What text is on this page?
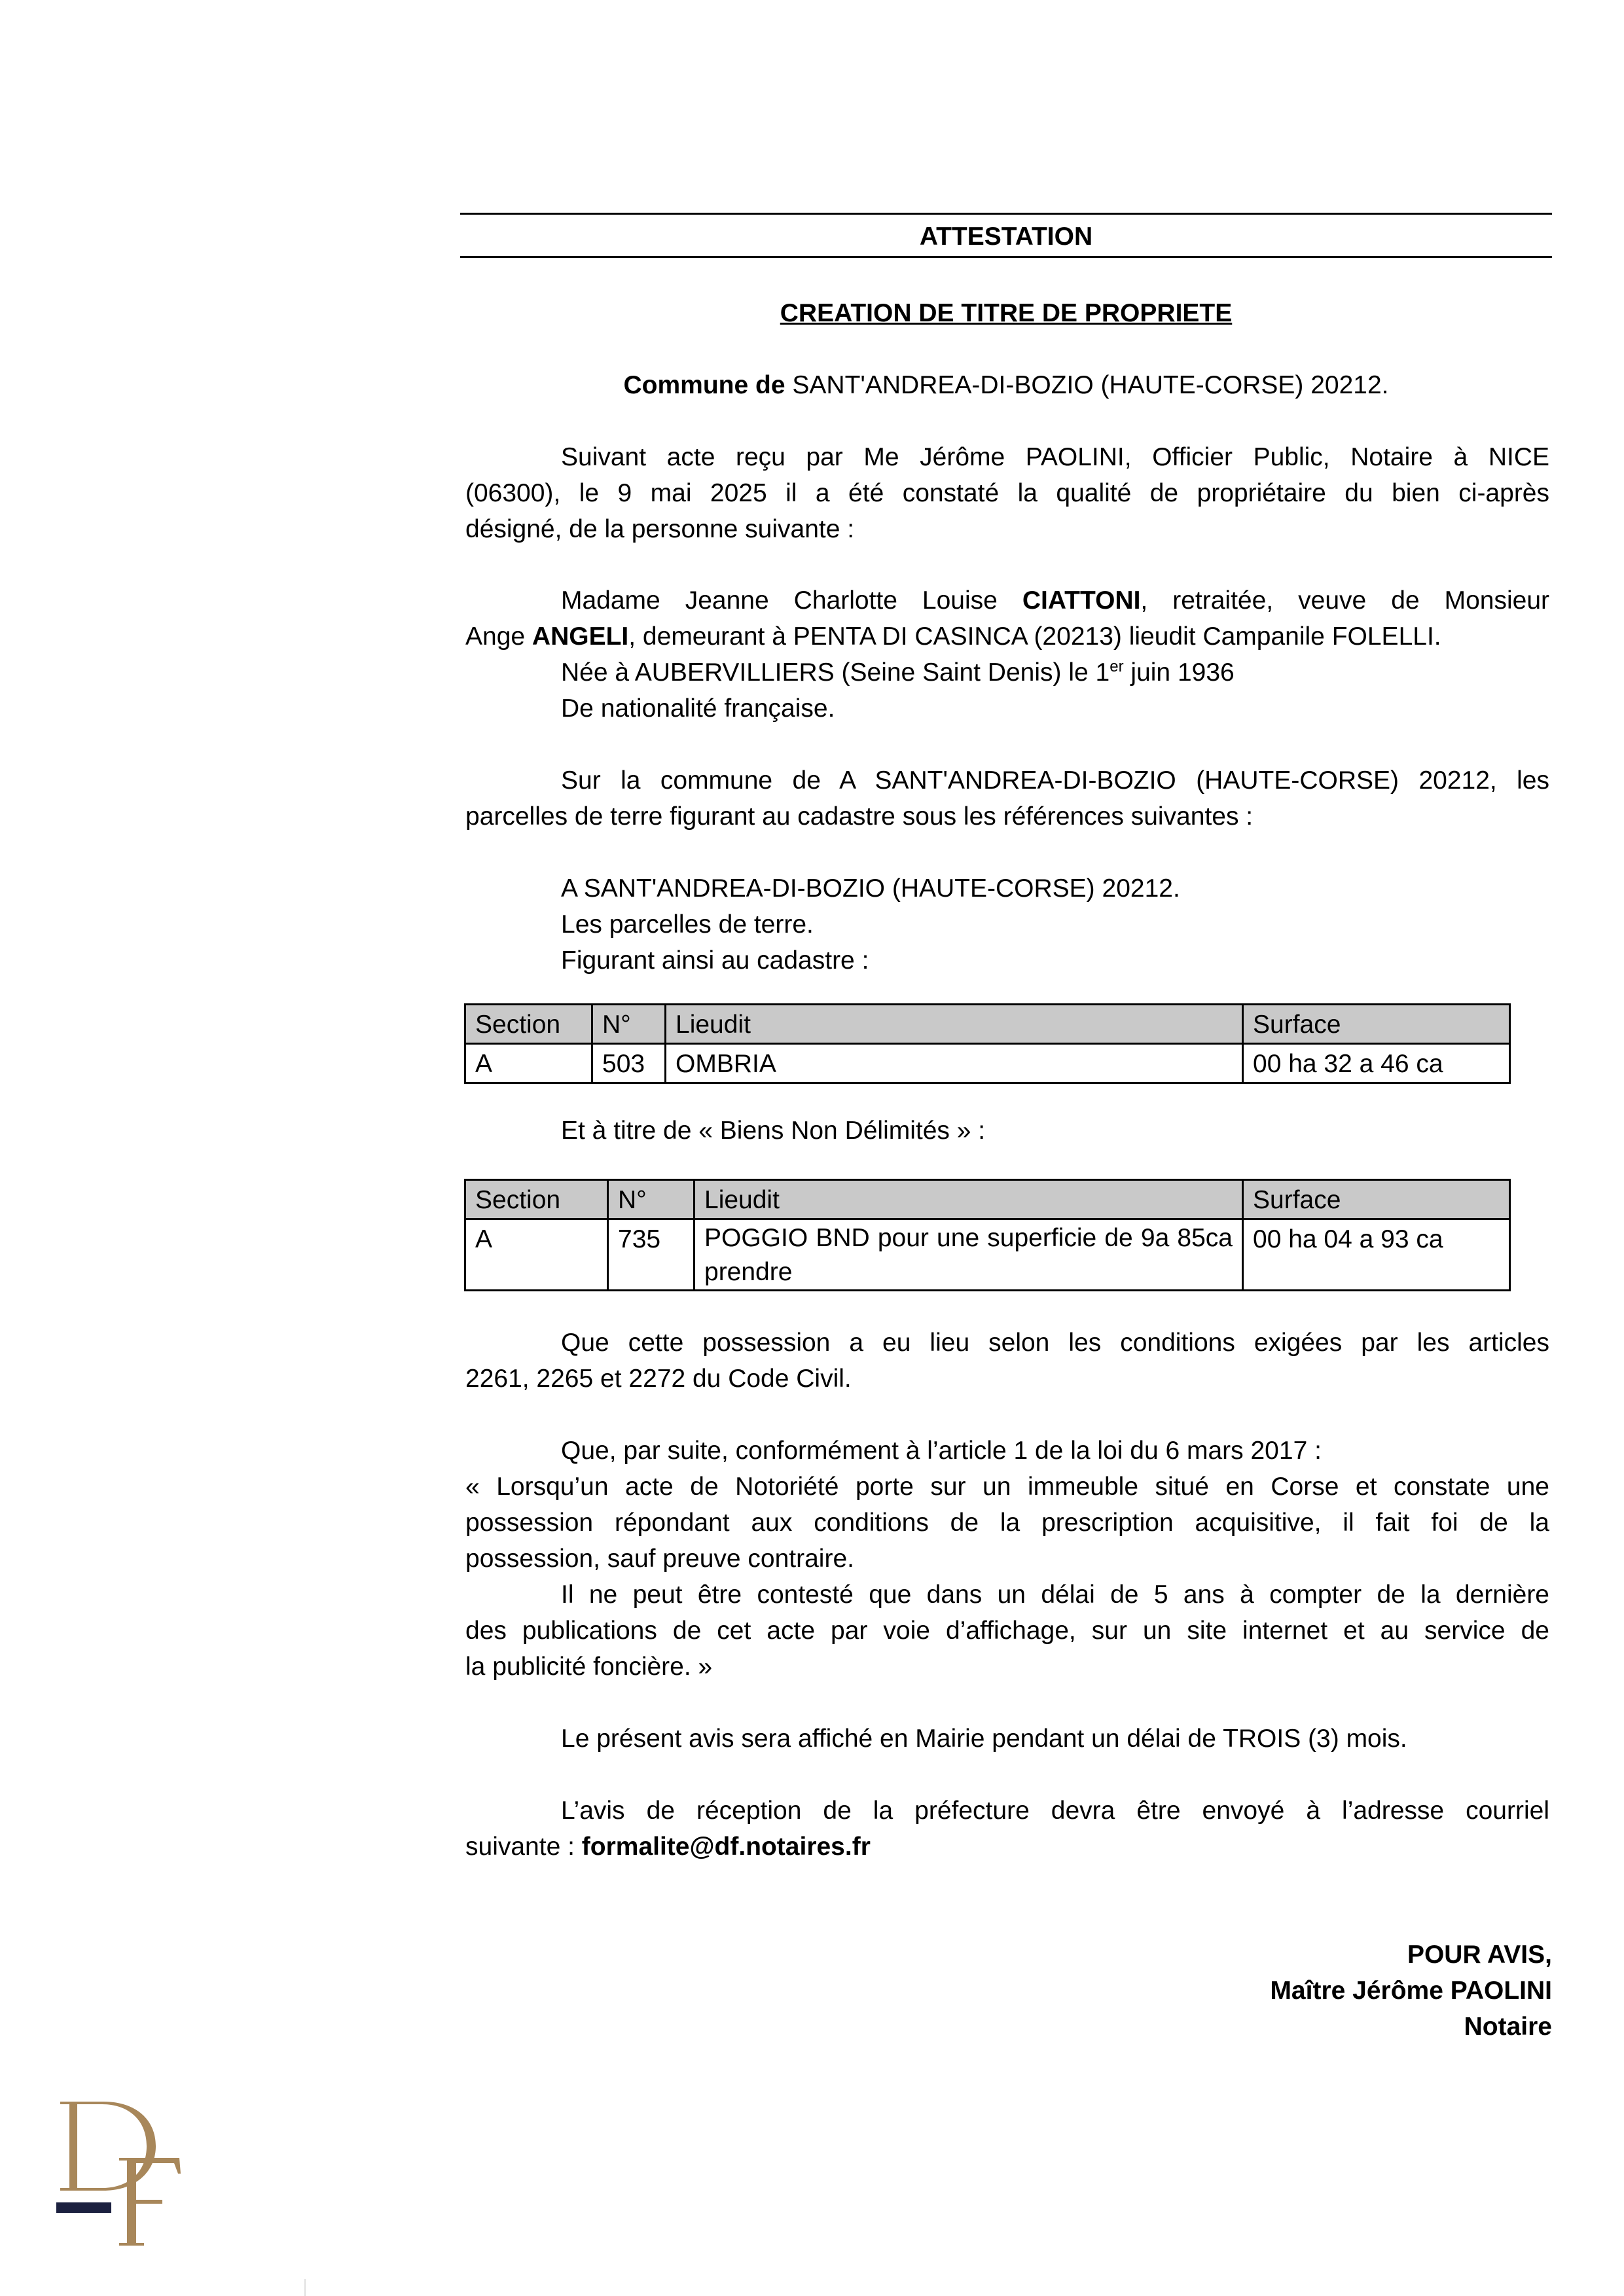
ATTESTATION
CREATION DE TITRE DE PROPRIETE
Commune de SANT'ANDREA-DI-BOZIO (HAUTE-CORSE) 20212.

Suivant acte reçu par Me Jérôme PAOLINI, Officier Public, Notaire à NICE

(06300), le 9 mai 2025 il a été constaté la qualité de propriétaire du bien ci-après

désigné, de la personne suivante :

Madame Jeanne Charlotte Louise CIATTONI, retraitée, veuve de Monsieur

Ange ANGELI, demeurant à PENTA DI CASINCA (20213) lieudit Campanile FOLELLI.

Née à AUBERVILLIERS (Seine Saint Denis) le 1er juin 1936
De nationalité française.

Sur la commune de A SANT'ANDREA-DI-BOZIO (HAUTE-CORSE) 20212, les

parcelles de terre figurant au cadastre sous les références suivantes :

A SANT'ANDREA-DI-BOZIO (HAUTE-CORSE) 20212.
Les parcelles de terre.
Figurant ainsi au cadastre :
Section	N°	Lieudit	Surface
A	503	OMBRIA	00 ha 32 a 46 ca
Et à titre de « Biens Non Délimités » :
Section	N°	Lieudit	Surface
A	735	POGGIO BND pour une superficie de 9a 85ca prendre	00 ha 04 a 93 ca

Que cette possession a eu lieu selon les conditions exigées par les articles

2261, 2265 et 2272 du Code Civil.

Que, par suite, conformément à l’article 1 de la loi du 6 mars 2017 :

« Lorsqu’un acte de Notoriété porte sur un immeuble situé en Corse et constate une

possession répondant aux conditions de la prescription acquisitive, il fait foi de la

possession, sauf preuve contraire.

Il ne peut être contesté que dans un délai de 5 ans à compter de la dernière

des publications de cet acte par voie d’affichage, sur un site internet et au service de

la publicité foncière. »

Le présent avis sera affiché en Mairie pendant un délai de TROIS (3) mois.

L’avis de réception de la préfecture devra être envoyé à l’adresse courriel

suivante : formalite@df.notaires.fr

POUR AVIS,
Maître Jérôme PAOLINI
Notaire
